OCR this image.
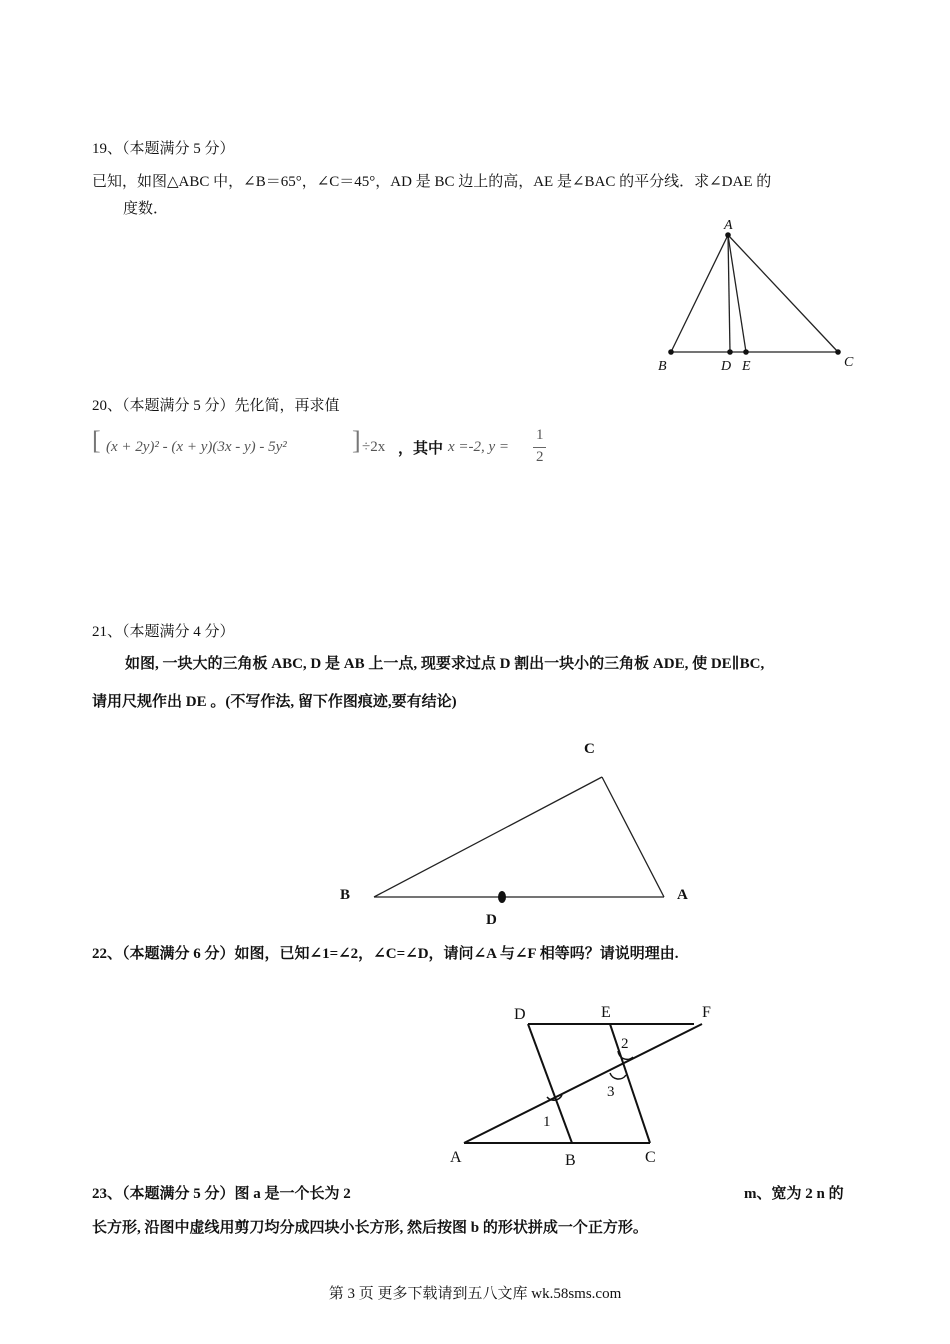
19、（本题满分 5 分）
已知，如图△ABC 中，∠B＝65°，∠C＝45°，AD 是 BC 边上的高，AE 是∠BAC 的平分线．求∠DAE 的
度数．
A
B	D E	C
20、（本题满分 5 分）先化简，再求值
[ (x + 2y)² - (x + y)(3x - y) - 5y²	] ÷2x ，其中 x =-2, y =
1
2
21、（本题满分 4 分）
如图, 一块大的三角板 ABC, D 是 AB 上一点, 现要求过点 D 割出一块小的三角板 ADE, 使 DE∥BC,
请用尺规作出 DE 。(不写作法, 留下作图痕迹,要有结论)
C
B	A
D
22、（本题满分 6 分）如图，已知∠1=∠2，∠C=∠D，请问∠A 与∠F 相等吗？请说明理由.
D	E	F
A	B	C
1
2
3
23、（本题满分 5 分）图 a 是一个长为 2	m、宽为 2 n 的
长方形, 沿图中虚线用剪刀均分成四块小长方形, 然后按图 b 的形状拼成一个正方形。
第 3 页 更多下载请到五八文库 wk.58sms.com
